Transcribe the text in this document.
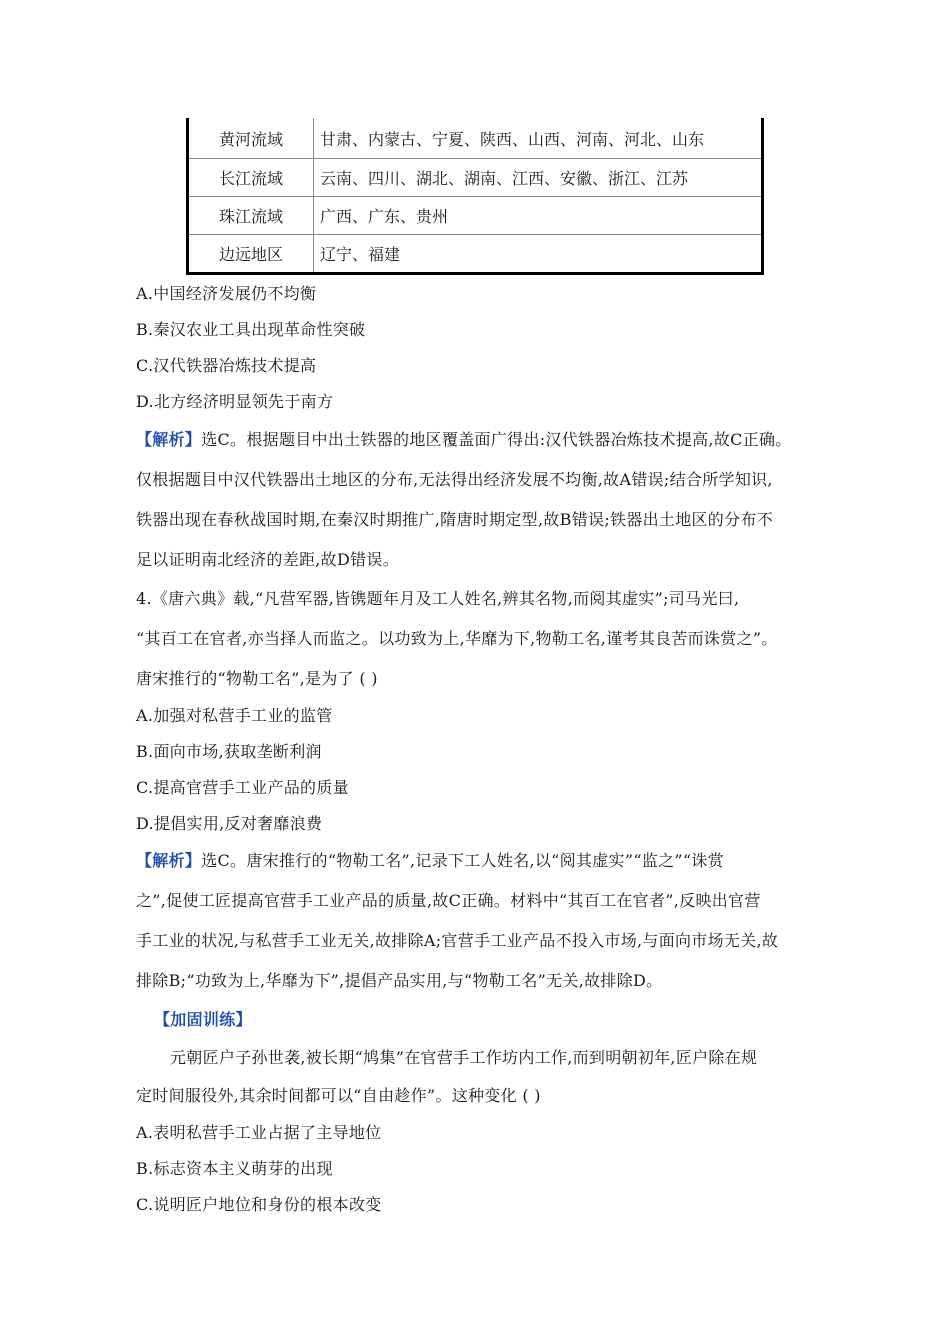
黄河流域	甘肃、内蒙古、宁夏、陕西、山西、河南、河北、山东
长江流域	云南、四川、湖北、湖南、江西、安徽、浙江、江苏
珠江流域	广西、广东、贵州
边远地区	辽宁、福建
A.中国经济发展仍不均衡
B.秦汉农业工具出现革命性突破
C.汉代铁器冶炼技术提高
D.北方经济明显领先于南方
【解析】选C。根据题目中出土铁器的地区覆盖面广得出:汉代铁器冶炼技术提高,故C正确。
仅根据题目中汉代铁器出土地区的分布,无法得出经济发展不均衡,故A错误;结合所学知识,
铁器出现在春秋战国时期,在秦汉时期推广,隋唐时期定型,故B错误;铁器出土地区的分布不
足以证明南北经济的差距,故D错误。
4.《唐六典》载,“凡营军器,皆镌题年月及工人姓名,辨其名物,而阅其虚实”;司马光曰,
“其百工在官者,亦当择人而监之。以功致为上,华靡为下,物勒工名,谨考其良苦而诛赏之”。
唐宋推行的“物勒工名”,是为了 ( )
A.加强对私营手工业的监管
B.面向市场,获取垄断利润
C.提高官营手工业产品的质量
D.提倡实用,反对奢靡浪费
【解析】选C。唐宋推行的“物勒工名”,记录下工人姓名,以“阅其虚实”“监之”“诛赏
之”,促使工匠提高官营手工业产品的质量,故C正确。材料中“其百工在官者”,反映出官营
手工业的状况,与私营手工业无关,故排除A;官营手工业产品不投入市场,与面向市场无关,故
排除B;“功致为上,华靡为下”,提倡产品实用,与“物勒工名”无关,故排除D。
【加固训练】
元朝匠户子孙世袭,被长期“鸠集”在官营手工作坊内工作,而到明朝初年,匠户除在规
定时间服役外,其余时间都可以“自由趁作”。这种变化 ( )
A.表明私营手工业占据了主导地位
B.标志资本主义萌芽的出现
C.说明匠户地位和身份的根本改变
